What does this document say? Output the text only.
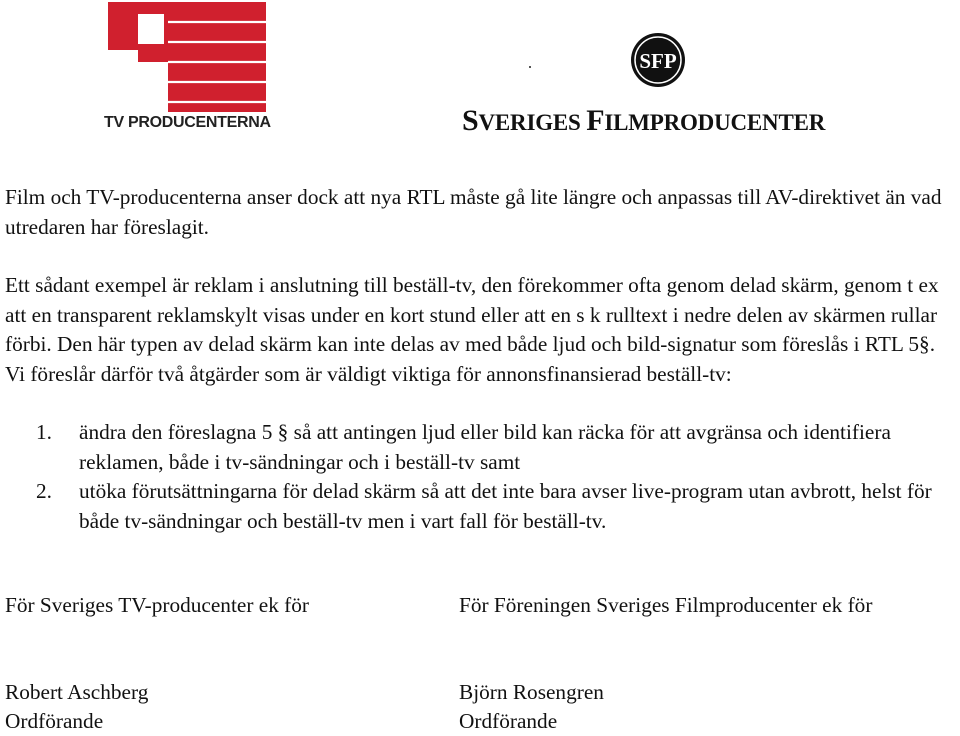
TV PRODUCENTERNA
SFP
SVERIGES FILMPRODUCENTER

Film och TV-producenterna anser dock att nya RTL måste gå lite längre och anpassas till AV-direktivet än vad utredaren har föreslagit.

Ett sådant exempel är reklam i anslutning till beställ-tv, den förekommer ofta genom delad skärm, genom t ex att en transparent reklamskylt visas under en kort stund eller att en s k rulltext i nedre delen av skärmen rullar förbi. Den här typen av delad skärm kan inte delas av med både ljud och bild-signatur som föreslås i RTL 5§. Vi föreslår därför två åtgärder som är väldigt viktiga för annonsfinansierad beställ-tv:

1. ändra den föreslagna 5 § så att antingen ljud eller bild kan räcka för att avgränsa och identifiera reklamen, både i tv-sändningar och i beställ-tv samt
2. utöka förutsättningarna för delad skärm så att det inte bara avser live-program utan avbrott, helst för både tv-sändningar och beställ-tv men i vart fall för beställ-tv.
För Sveriges TV-producenter ek för	För Föreningen Sveriges Filmproducenter ek för
Robert Aschberg
Ordförande
Björn Rosengren
Ordförande
